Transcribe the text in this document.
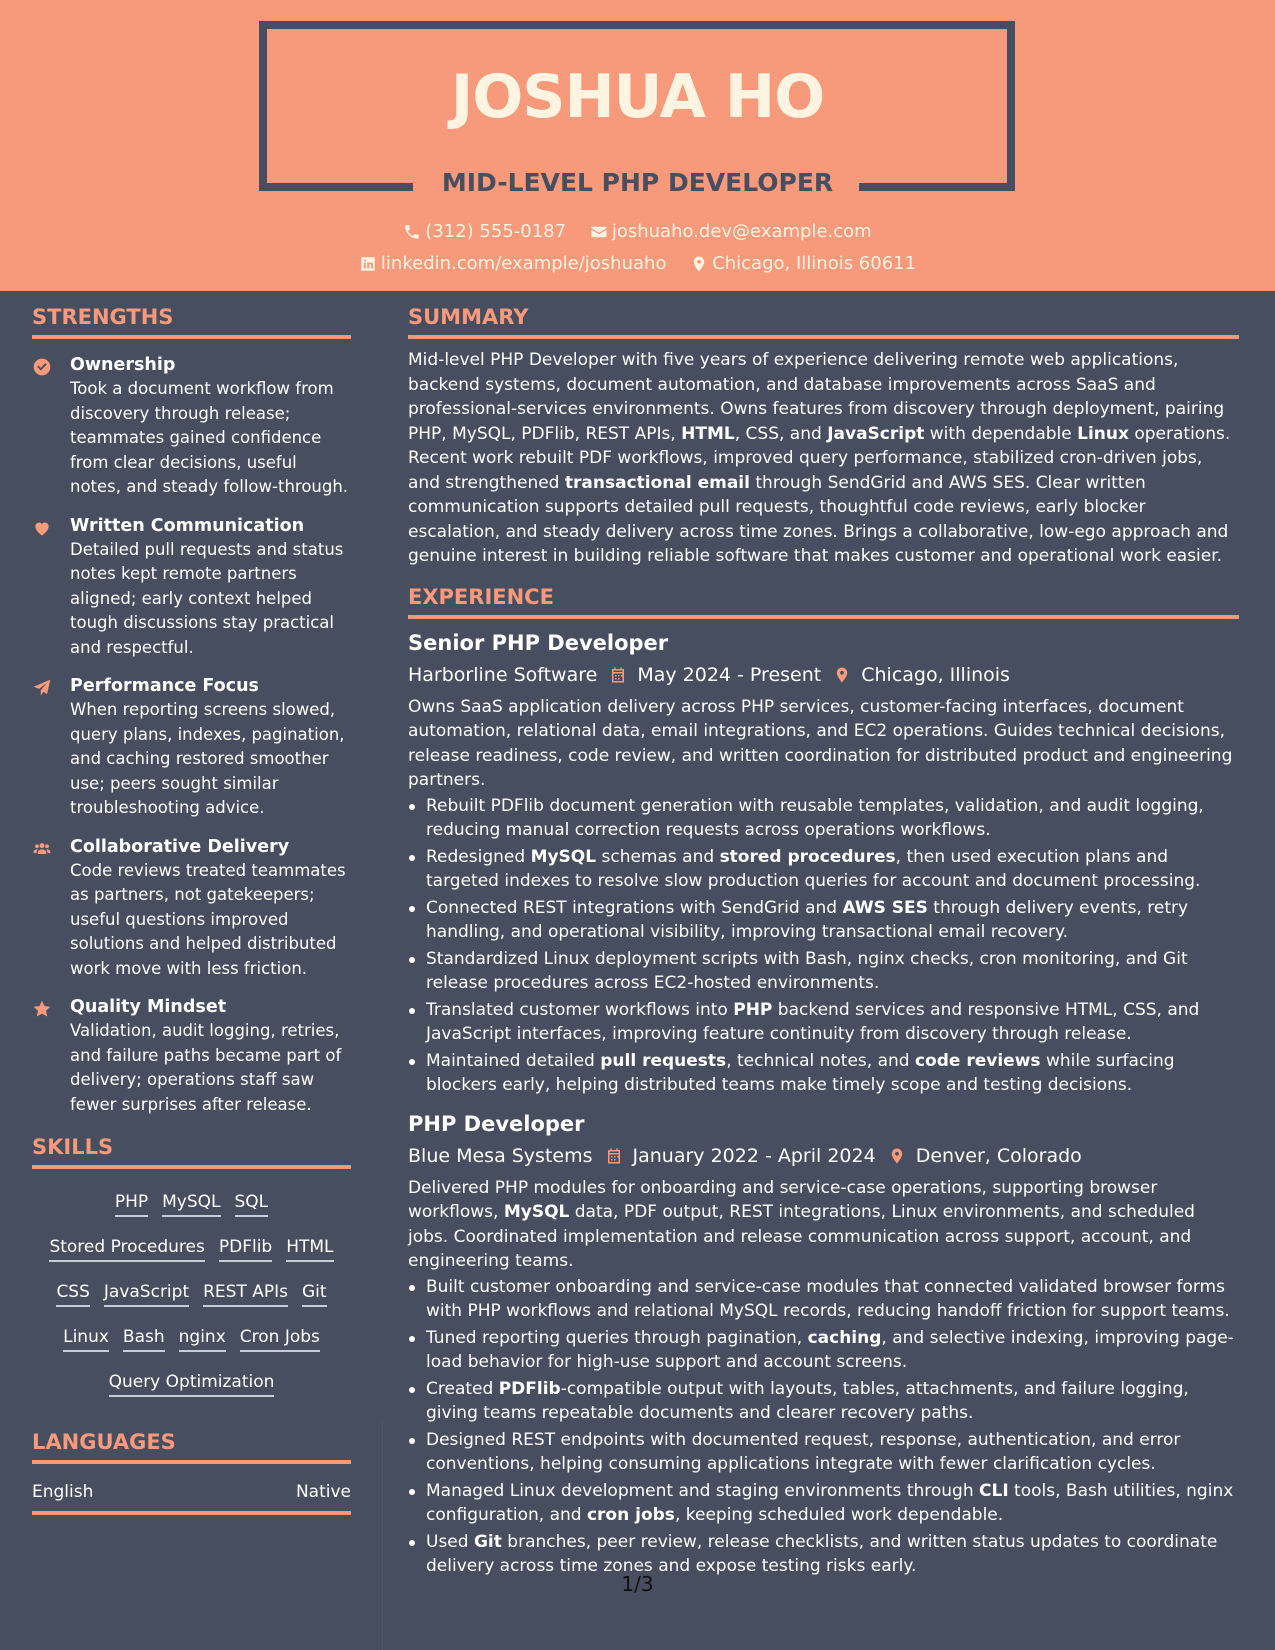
JOSHUA HO
MID-LEVEL PHP DEVELOPER
(312) 555-0187
	joshuaho.dev@example.com
linkedin.com/example/joshuaho
	Chicago, Illinois 60611
STRENGTHS
Ownership
Took a document workflow from discovery through release; teammates gained confidence from clear decisions, useful notes, and steady follow-through.
Written Communication
Detailed pull requests and status notes kept remote partners aligned; early context helped tough discussions stay practical and respectful.
Performance Focus
When reporting screens slowed, query plans, indexes, pagination, and caching restored smoother use; peers sought similar troubleshooting advice.
Collaborative Delivery
Code reviews treated teammates as partners, not gatekeepers; useful questions improved solutions and helped distributed work move with less friction.
Quality Mindset
Validation, audit logging, retries, and failure paths became part of delivery; operations staff saw fewer surprises after release.
SKILLS
PHP MySQL SQL
Stored Procedures PDFlib HTML
CSS JavaScript REST APIs Git
Linux Bash nginx Cron Jobs
Query Optimization
LANGUAGES
English	Native
SUMMARY
Mid-level PHP Developer with five years of experience delivering remote web applications, backend systems, document automation, and database improvements across SaaS and professional-services environments. Owns features from discovery through deployment, pairing PHP, MySQL, PDFlib, REST APIs, HTML, CSS, and JavaScript with dependable Linux operations. Recent work rebuilt PDF workflows, improved query performance, stabilized cron-driven jobs, and strengthened transactional email through SendGrid and AWS SES. Clear written communication supports detailed pull requests, thoughtful code reviews, early blocker escalation, and steady delivery across time zones. Brings a collaborative, low-ego approach and genuine interest in building reliable software that makes customer and operational work easier.
EXPERIENCE
Senior PHP Developer
Harborline Software May 2024 - Present Chicago, Illinois
Owns SaaS application delivery across PHP services, customer-facing interfaces, document automation, relational data, email integrations, and EC2 operations. Guides technical decisions, release readiness, code review, and written coordination for distributed product and engineering partners.
Rebuilt PDFlib document generation with reusable templates, validation, and audit logging, reducing manual correction requests across operations workflows.
Redesigned MySQL schemas and stored procedures, then used execution plans and targeted indexes to resolve slow production queries for account and document processing.
Connected REST integrations with SendGrid and AWS SES through delivery events, retry handling, and operational visibility, improving transactional email recovery.
Standardized Linux deployment scripts with Bash, nginx checks, cron monitoring, and Git release procedures across EC2-hosted environments.
Translated customer workflows into PHP backend services and responsive HTML, CSS, and JavaScript interfaces, improving feature continuity from discovery through release.
Maintained detailed pull requests, technical notes, and code reviews while surfacing blockers early, helping distributed teams make timely scope and testing decisions.
PHP Developer
Blue Mesa Systems January 2022 - April 2024 Denver, Colorado
Delivered PHP modules for onboarding and service-case operations, supporting browser workflows, MySQL data, PDF output, REST integrations, Linux environments, and scheduled jobs. Coordinated implementation and release communication across support, account, and engineering teams.
Built customer onboarding and service-case modules that connected validated browser forms with PHP workflows and relational MySQL records, reducing handoff friction for support teams.
Tuned reporting queries through pagination, caching, and selective indexing, improving page-load behavior for high-use support and account screens.
Created PDFlib-compatible output with layouts, tables, attachments, and failure logging, giving teams repeatable documents and clearer recovery paths.
Designed REST endpoints with documented request, response, authentication, and error conventions, helping consuming applications integrate with fewer clarification cycles.
Managed Linux development and staging environments through CLI tools, Bash utilities, nginx configuration, and cron jobs, keeping scheduled work dependable.
Used Git branches, peer review, release checklists, and written status updates to coordinate delivery across time zones and expose testing risks early.
1/3
